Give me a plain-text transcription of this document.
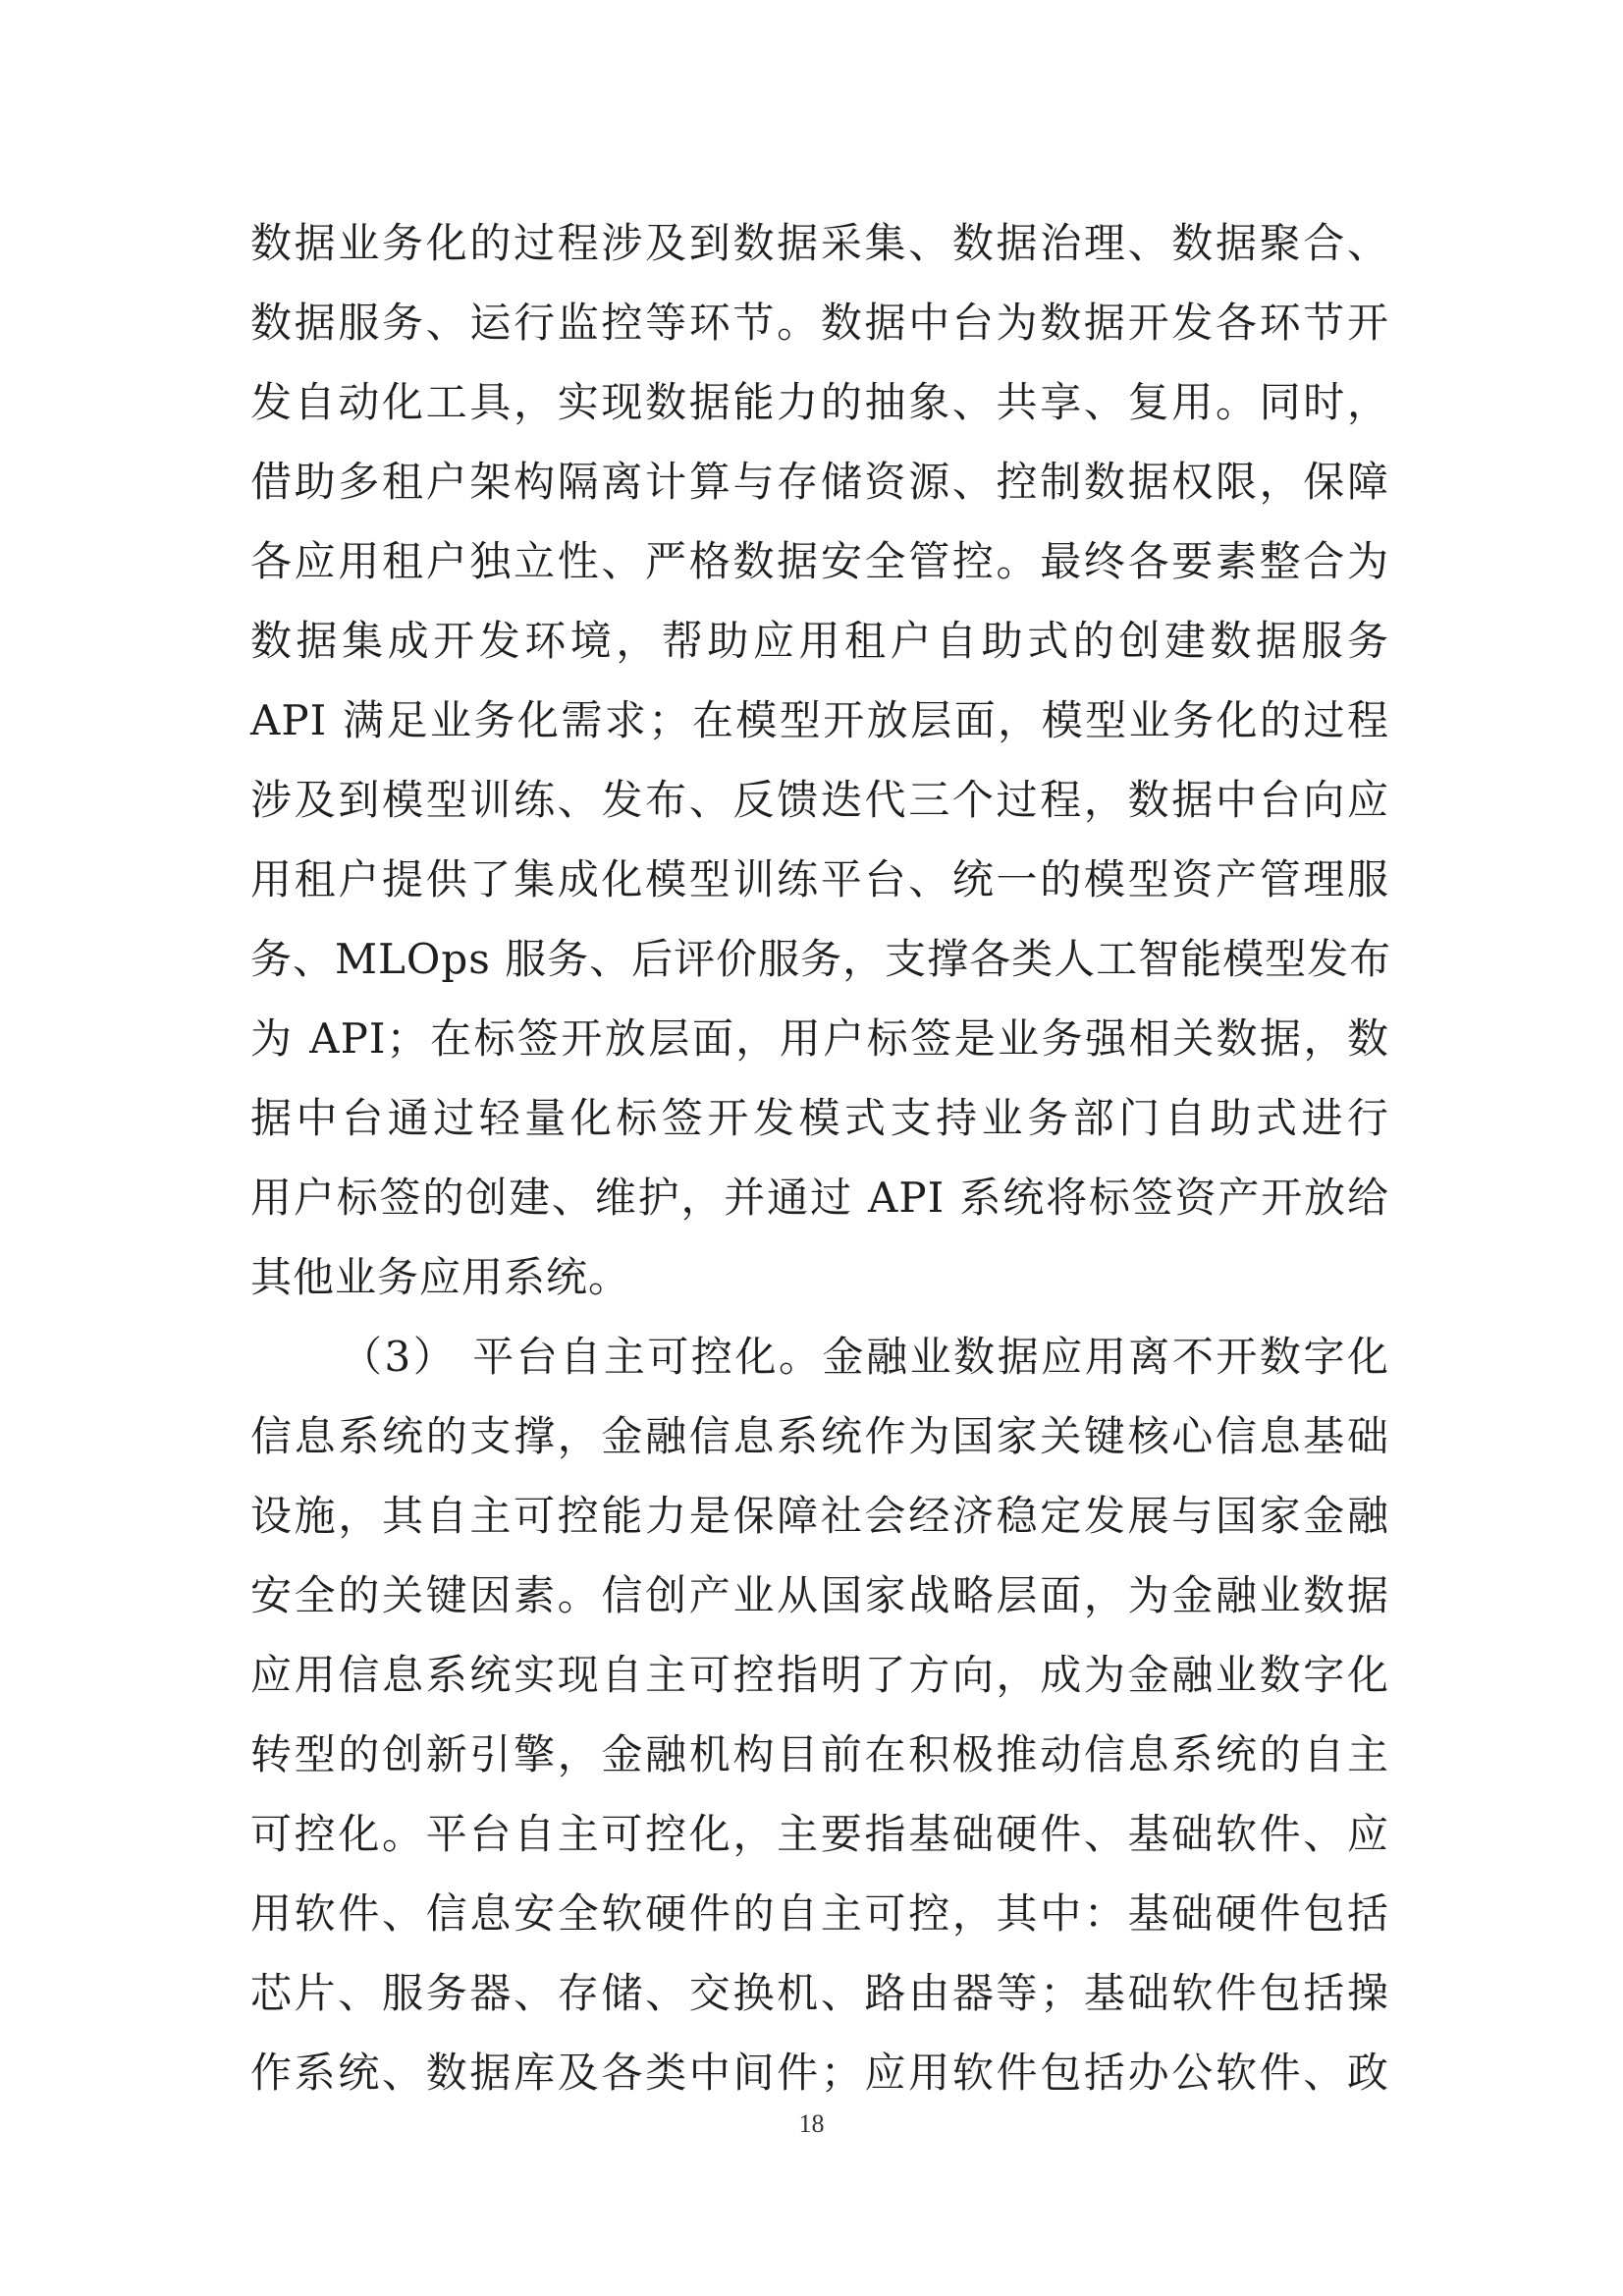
数据业务化的过程涉及到数据采集、数据治理、数据聚合、
数据服务、运行监控等环节。数据中台为数据开发各环节开
发自动化工具，实现数据能力的抽象、共享、复用。同时，
借助多租户架构隔离计算与存储资源、控制数据权限，保障
各应用租户独立性、严格数据安全管控。最终各要素整合为
数据集成开发环境，帮助应用租户自助式的创建数据服务
API 满足业务化需求；在模型开放层面，模型业务化的过程
涉及到模型训练、发布、反馈迭代三个过程，数据中台向应
用租户提供了集成化模型训练平台、统一的模型资产管理服
务、MLOps 服务、后评价服务，支撑各类人工智能模型发布
为 API；在标签开放层面，用户标签是业务强相关数据，数
据中台通过轻量化标签开发模式支持业务部门自助式进行
用户标签的创建、维护，并通过 API 系统将标签资产开放给
其他业务应用系统。
（3） 平台自主可控化。金融业数据应用离不开数字化
信息系统的支撑，金融信息系统作为国家关键核心信息基础
设施，其自主可控能力是保障社会经济稳定发展与国家金融
安全的关键因素。信创产业从国家战略层面，为金融业数据
应用信息系统实现自主可控指明了方向，成为金融业数字化
转型的创新引擎，金融机构目前在积极推动信息系统的自主
可控化。平台自主可控化，主要指基础硬件、基础软件、应
用软件、信息安全软硬件的自主可控，其中：基础硬件包括
芯片、服务器、存储、交换机、路由器等；基础软件包括操
作系统、数据库及各类中间件；应用软件包括办公软件、政
18
